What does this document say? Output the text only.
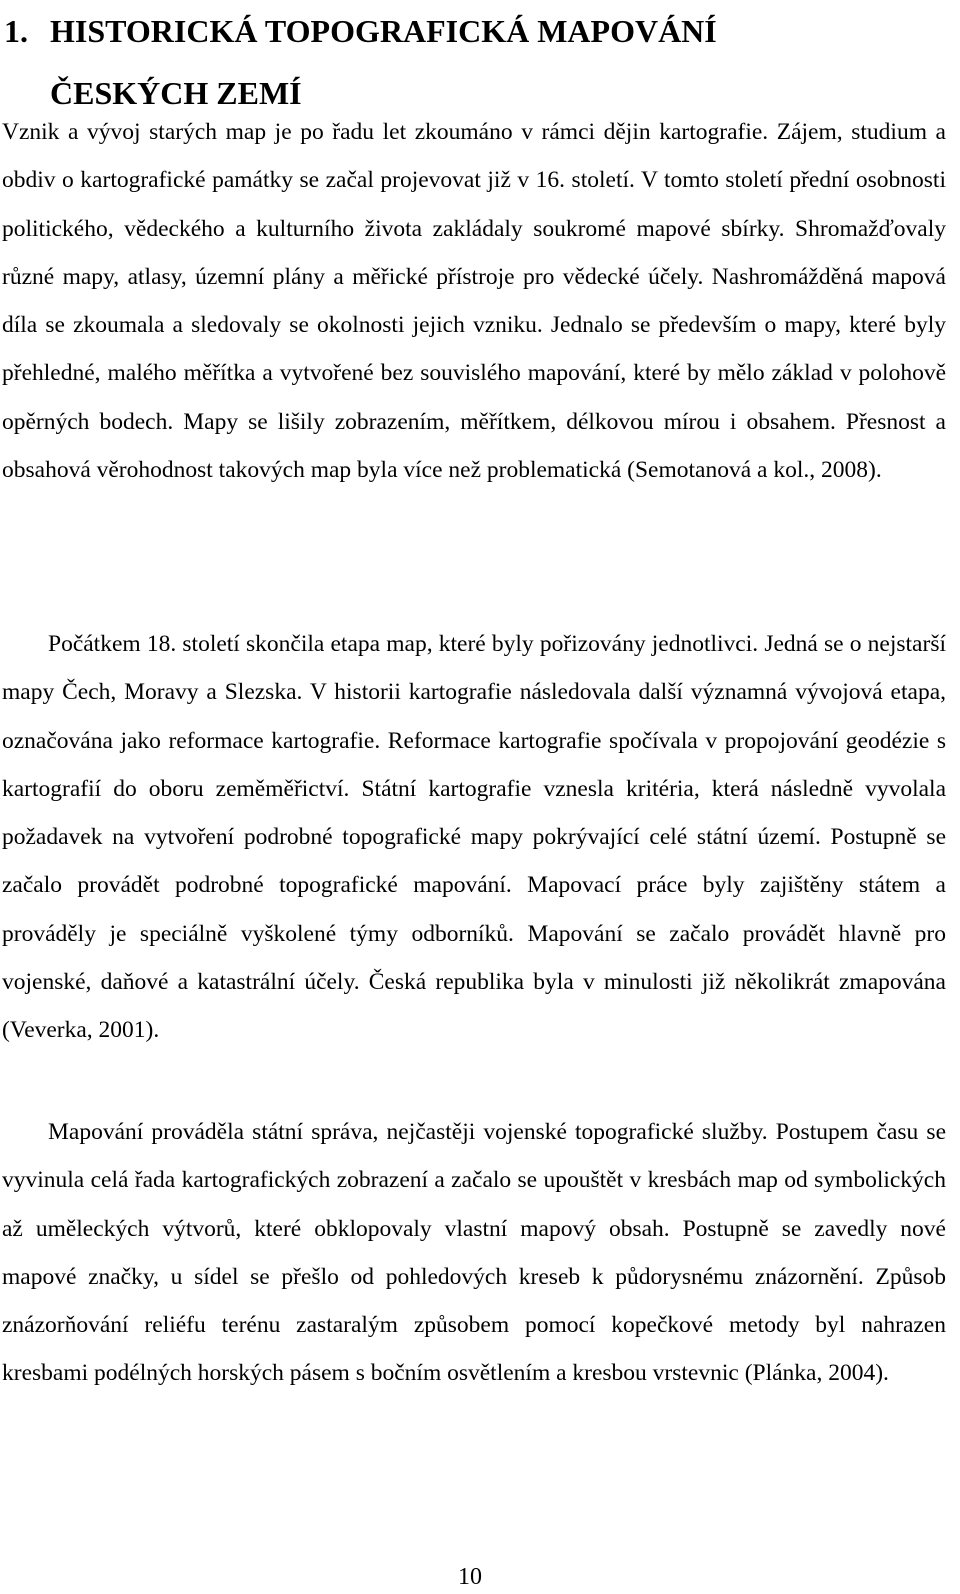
1. HISTORICKÁ TOPOGRAFICKÁ MAPOVÁNÍ
ČESKÝCH ZEMÍ

Vznik a vývoj starých map je po řadu let zkoumáno v rámci dějin kartografie. Zájem, studium a obdiv o kartografické památky se začal projevovat již v 16. století. V tomto století přední osobnosti politického, vědeckého a kulturního života zakládaly soukromé mapové sbírky. Shromažďovaly různé mapy, atlasy, územní plány a měřické přístroje pro vědecké účely. Nashromážděná mapová díla se zkoumala a sledovaly se okolnosti jejich vzniku. Jednalo se především o mapy, které byly přehledné, malého měřítka a vytvořené bez souvislého mapování, které by mělo základ v polohově opěrných bodech. Mapy se lišily zobrazením, měřítkem, délkovou mírou i obsahem. Přesnost a obsahová věrohodnost takových map byla více než problematická (Semotanová a kol., 2008).

Počátkem 18. století skončila etapa map, které byly pořizovány jednotlivci. Jedná se o nejstarší mapy Čech, Moravy a Slezska. V historii kartografie následovala další významná vývojová etapa, označována jako reformace kartografie. Reformace kartografie spočívala v propojování geodézie s kartografií do oboru zeměměřictví. Státní kartografie vznesla kritéria, která následně vyvolala požadavek na vytvoření podrobné topografické mapy pokrývající celé státní území. Postupně se začalo provádět podrobné topografické mapování. Mapovací práce byly zajištěny státem a prováděly je speciálně vyškolené týmy odborníků. Mapování se začalo provádět hlavně pro vojenské, daňové a katastrální účely. Česká republika byla v minulosti již několikrát zmapována (Veverka, 2001).

Mapování prováděla státní správa, nejčastěji vojenské topografické služby. Postupem času se vyvinula celá řada kartografických zobrazení a začalo se upouštět v kresbách map od symbolických až uměleckých výtvorů, které obklopovaly vlastní mapový obsah. Postupně se zavedly nové mapové značky, u sídel se přešlo od pohledových kreseb k půdorysnému znázornění. Způsob znázorňování reliéfu terénu zastaralým způsobem pomocí kopečkové metody byl nahrazen kresbami podélných horských pásem s bočním osvětlením a kresbou vrstevnic (Plánka, 2004).

10
